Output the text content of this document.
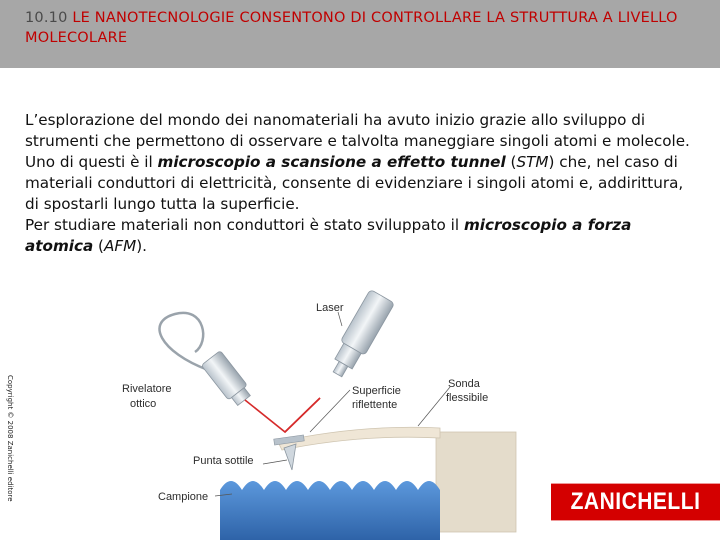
10.10 LE NANOTECNOLOGIE CONSENTONO DI CONTROLLARE LA STRUTTURA A LIVELLO MOLECOLARE

L’esplorazione del mondo dei nanomateriali ha avuto inizio grazie allo sviluppo di strumenti che permettono di osservare e talvolta maneggiare singoli atomi e molecole.

Uno di questi è il microscopio a scansione a effetto tunnel (STM) che, nel caso di materiali conduttori di elettricità, consente di evidenziare i singoli atomi e, addirittura, di spostarli lungo tutta la superficie.

Per studiare materiali non conduttori è stato sviluppato il microscopio a forza atomica (AFM).

Copyright © 2008 Zanichelli editore
Laser
Rivelatore
ottico
Superficie
riflettente
Sonda
flessibile
Punta sottile
Campione	ZANICHELLI
